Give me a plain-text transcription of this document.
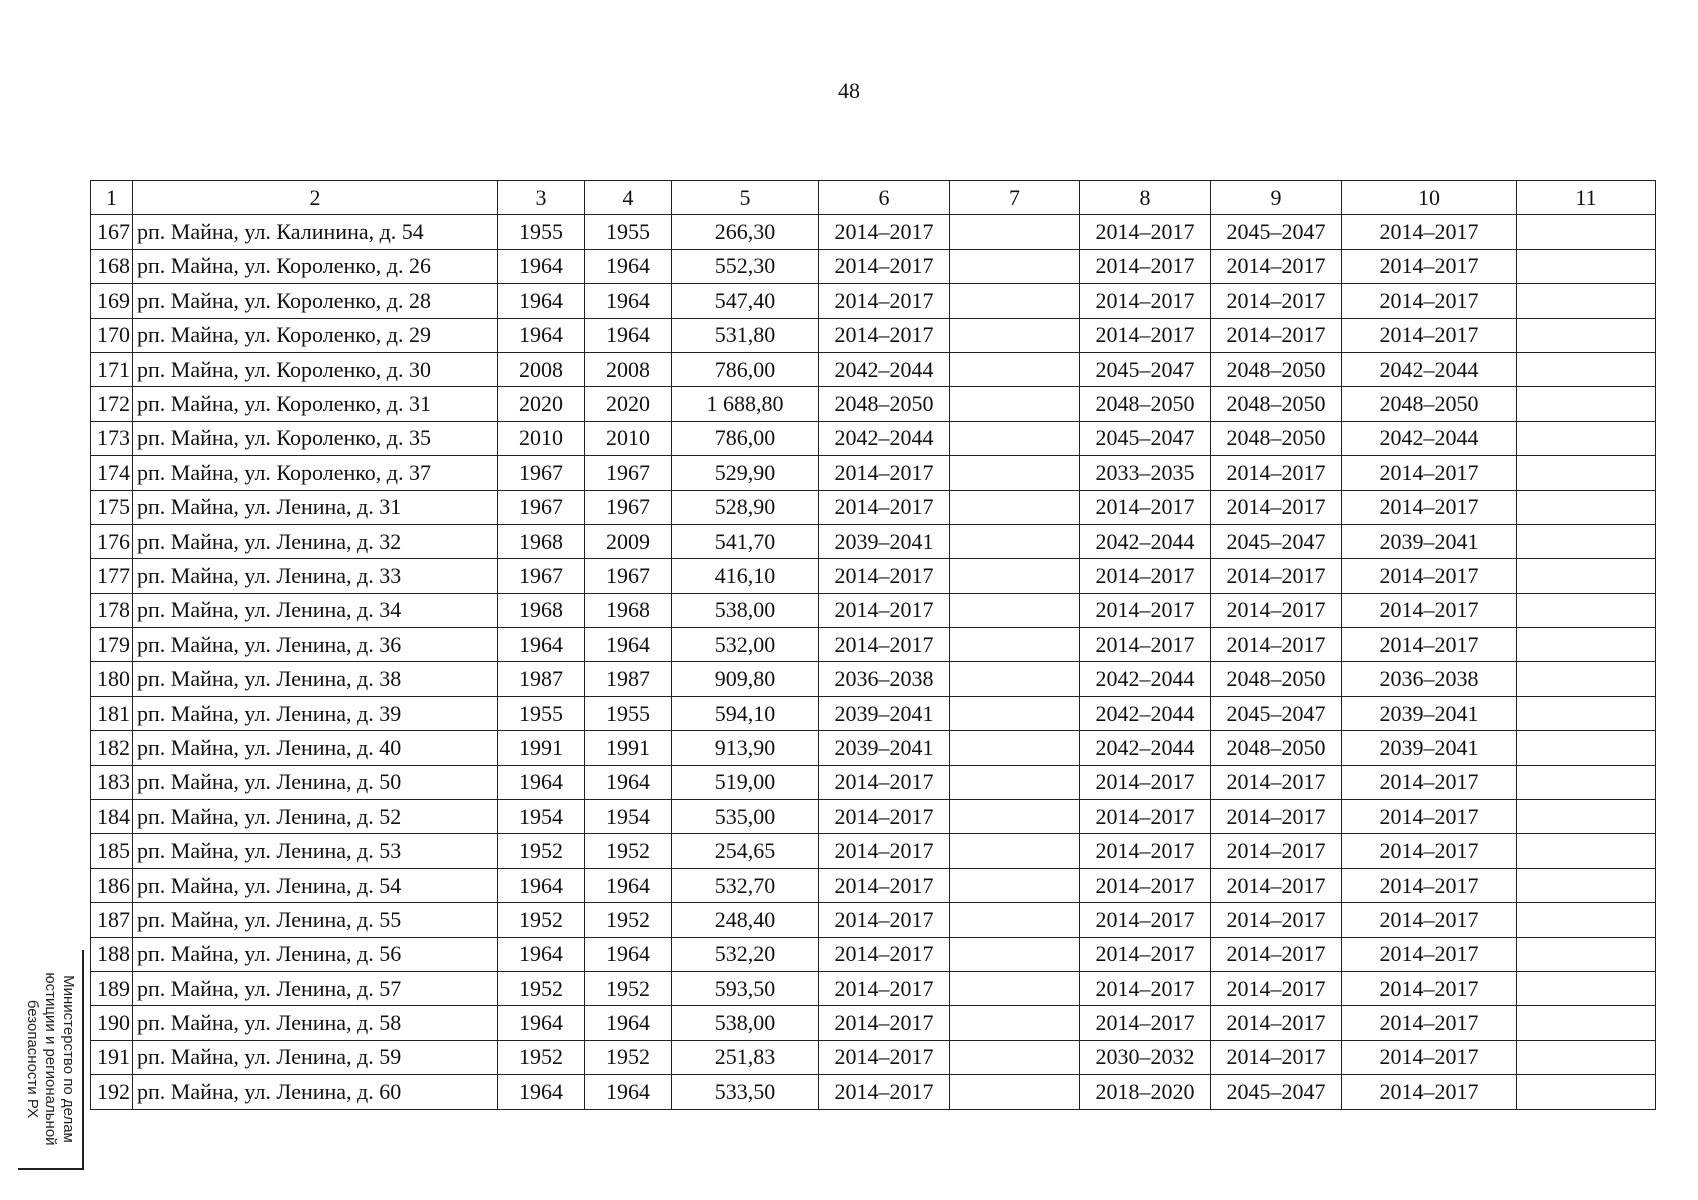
48
1	2	3	4	5	6	7	8	9	10	11
167	рп. Майна, ул. Калинина, д. 54	1955	1955	266,30	2014–2017		2014–2017	2045–2047	2014–2017	
168	рп. Майна, ул. Короленко, д. 26	1964	1964	552,30	2014–2017		2014–2017	2014–2017	2014–2017	
169	рп. Майна, ул. Короленко, д. 28	1964	1964	547,40	2014–2017		2014–2017	2014–2017	2014–2017	
170	рп. Майна, ул. Короленко, д. 29	1964	1964	531,80	2014–2017		2014–2017	2014–2017	2014–2017	
171	рп. Майна, ул. Короленко, д. 30	2008	2008	786,00	2042–2044		2045–2047	2048–2050	2042–2044	
172	рп. Майна, ул. Короленко, д. 31	2020	2020	1 688,80	2048–2050		2048–2050	2048–2050	2048–2050	
173	рп. Майна, ул. Короленко, д. 35	2010	2010	786,00	2042–2044		2045–2047	2048–2050	2042–2044	
174	рп. Майна, ул. Короленко, д. 37	1967	1967	529,90	2014–2017		2033–2035	2014–2017	2014–2017	
175	рп. Майна, ул. Ленина, д. 31	1967	1967	528,90	2014–2017		2014–2017	2014–2017	2014–2017	
176	рп. Майна, ул. Ленина, д. 32	1968	2009	541,70	2039–2041		2042–2044	2045–2047	2039–2041	
177	рп. Майна, ул. Ленина, д. 33	1967	1967	416,10	2014–2017		2014–2017	2014–2017	2014–2017	
178	рп. Майна, ул. Ленина, д. 34	1968	1968	538,00	2014–2017		2014–2017	2014–2017	2014–2017	
179	рп. Майна, ул. Ленина, д. 36	1964	1964	532,00	2014–2017		2014–2017	2014–2017	2014–2017	
180	рп. Майна, ул. Ленина, д. 38	1987	1987	909,80	2036–2038		2042–2044	2048–2050	2036–2038	
181	рп. Майна, ул. Ленина, д. 39	1955	1955	594,10	2039–2041		2042–2044	2045–2047	2039–2041	
182	рп. Майна, ул. Ленина, д. 40	1991	1991	913,90	2039–2041		2042–2044	2048–2050	2039–2041	
183	рп. Майна, ул. Ленина, д. 50	1964	1964	519,00	2014–2017		2014–2017	2014–2017	2014–2017	
184	рп. Майна, ул. Ленина, д. 52	1954	1954	535,00	2014–2017		2014–2017	2014–2017	2014–2017	
185	рп. Майна, ул. Ленина, д. 53	1952	1952	254,65	2014–2017		2014–2017	2014–2017	2014–2017	
186	рп. Майна, ул. Ленина, д. 54	1964	1964	532,70	2014–2017		2014–2017	2014–2017	2014–2017	
187	рп. Майна, ул. Ленина, д. 55	1952	1952	248,40	2014–2017		2014–2017	2014–2017	2014–2017	
188	рп. Майна, ул. Ленина, д. 56	1964	1964	532,20	2014–2017		2014–2017	2014–2017	2014–2017	
189	рп. Майна, ул. Ленина, д. 57	1952	1952	593,50	2014–2017		2014–2017	2014–2017	2014–2017	
190	рп. Майна, ул. Ленина, д. 58	1964	1964	538,00	2014–2017		2014–2017	2014–2017	2014–2017	
191	рп. Майна, ул. Ленина, д. 59	1952	1952	251,83	2014–2017		2030–2032	2014–2017	2014–2017	
192	рп. Майна, ул. Ленина, д. 60	1964	1964	533,50	2014–2017		2018–2020	2045–2047	2014–2017	
Министерство по делам
юстиции и региональной
безопасности РХ
